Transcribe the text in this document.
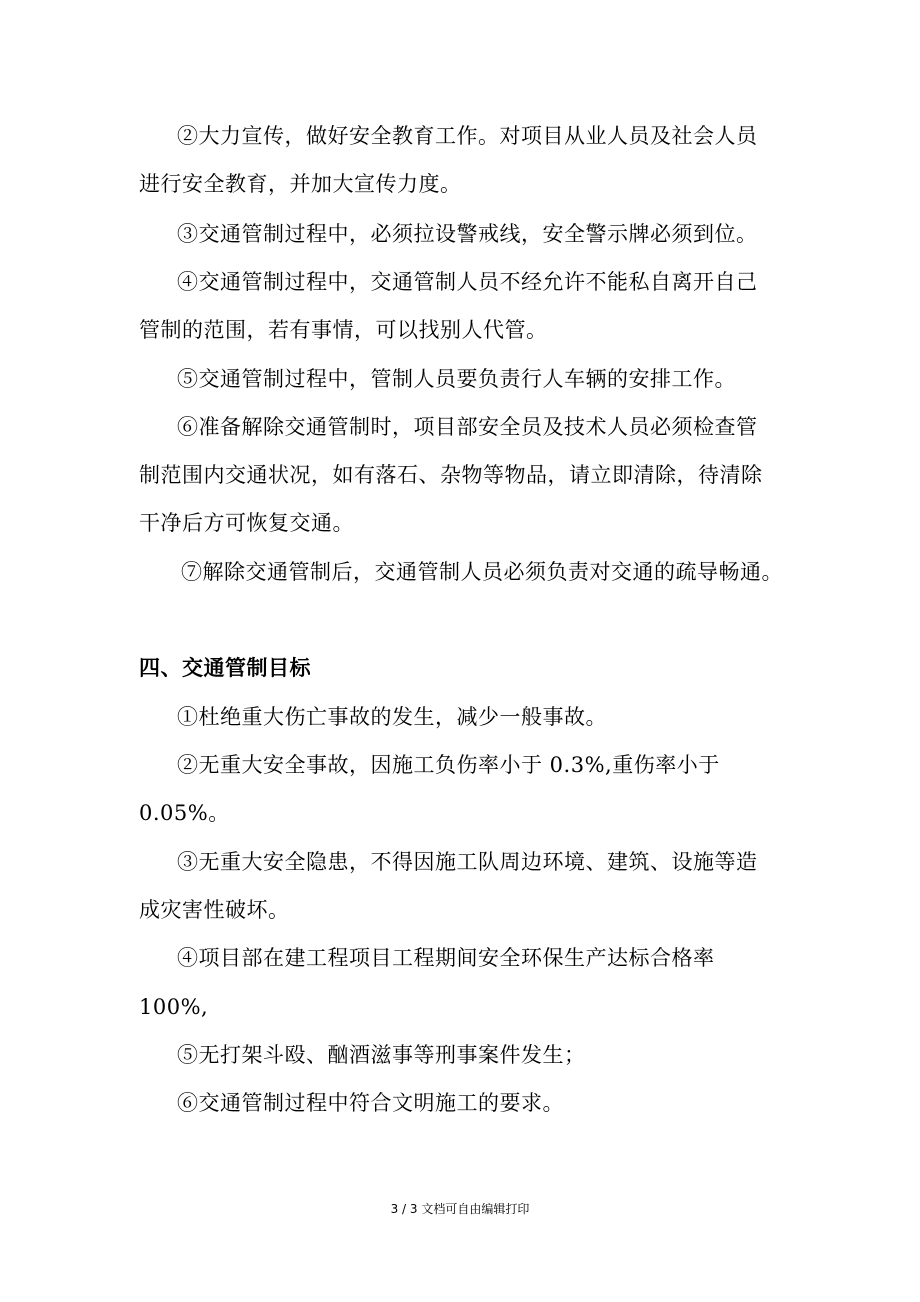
②大力宣传，做好安全教育工作。对项目从业人员及社会人员
进行安全教育，并加大宣传力度。
③交通管制过程中，必须拉设警戒线，安全警示牌必须到位。
④交通管制过程中，交通管制人员不经允许不能私自离开自己
管制的范围，若有事情，可以找别人代管。
⑤交通管制过程中，管制人员要负责行人车辆的安排工作。
⑥准备解除交通管制时，项目部安全员及技术人员必须检查管
制范围内交通状况，如有落石、杂物等物品，请立即清除，待清除
干净后方可恢复交通。
⑦解除交通管制后，交通管制人员必须负责对交通的疏导畅通。
四、交通管制目标
①杜绝重大伤亡事故的发生，减少一般事故。
②无重大安全事故，因施工负伤率小于 0.3%,重伤率小于
0.05%。
③无重大安全隐患，不得因施工队周边环境、建筑、设施等造
成灾害性破坏。
④项目部在建工程项目工程期间安全环保生产达标合格率
100%,
⑤无打架斗殴、酗酒滋事等刑事案件发生；
⑥交通管制过程中符合文明施工的要求。
3 / 3 文档可自由编辑打印
